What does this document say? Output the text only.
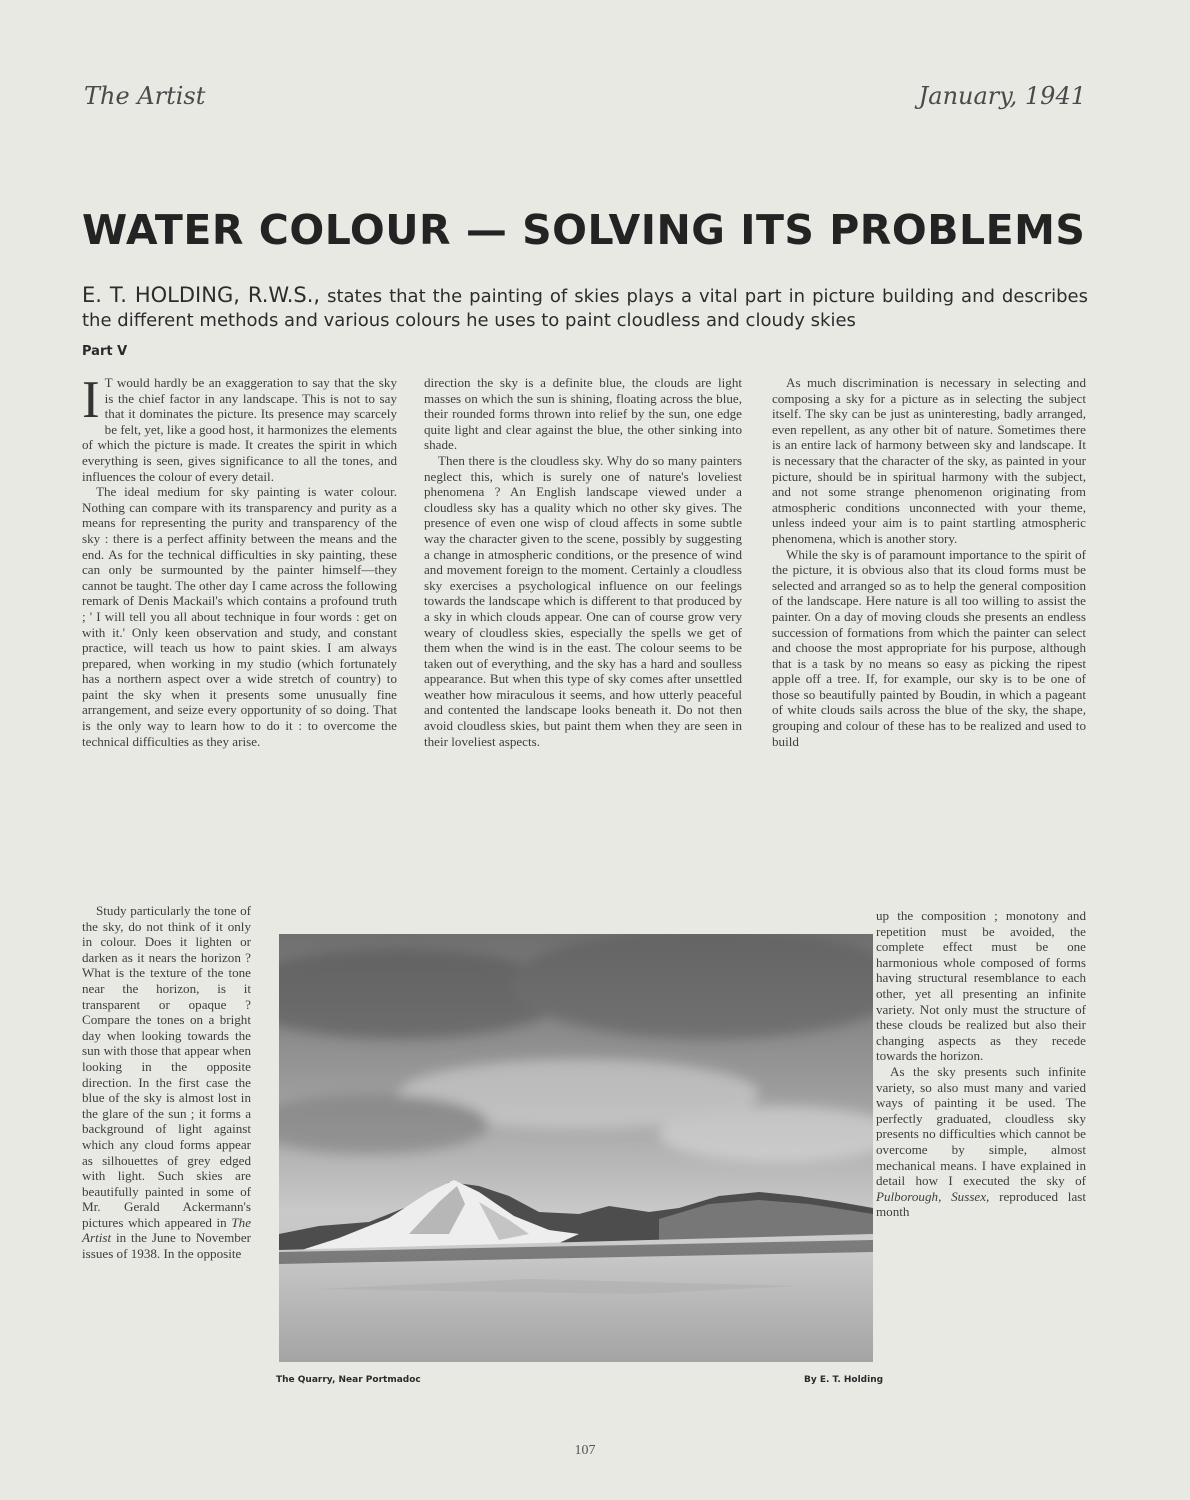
The Artist	January, 1941
WATER COLOUR — SOLVING ITS PROBLEMS
E. T. HOLDING, R.W.S., states that the painting of skies plays a vital part in picture building and describes the different methods and various colours he uses to paint cloudless and cloudy skies
Part V

I T would hardly be an exaggeration to say that the sky is the chief factor in any landscape. This is not to say that it dominates the picture. Its presence may scarcely be felt, yet, like a good host, it harmonizes the elements of which the picture is made. It creates the spirit in which everything is seen, gives significance to all the tones, and influences the colour of every detail.

The ideal medium for sky painting is water colour. Nothing can compare with its transparency and purity as a means for representing the purity and transparency of the sky : there is a perfect affinity between the means and the end. As for the technical difficulties in sky painting, these can only be surmounted by the painter himself—they cannot be taught. The other day I came across the following remark of Denis Mackail's which contains a profound truth ; ' I will tell you all about technique in four words : get on with it.' Only keen observation and study, and constant practice, will teach us how to paint skies. I am always prepared, when working in my studio (which fortunately has a northern aspect over a wide stretch of country) to paint the sky when it presents some unusually fine arrangement, and seize every opportunity of so doing. That is the only way to learn how to do it : to overcome the technical difficulties as they arise.

Study particularly the tone of the sky, do not think of it only in colour. Does it lighten or darken as it nears the horizon ? What is the texture of the tone near the horizon, is it transparent or opaque ? Compare the tones on a bright day when looking towards the sun with those that appear when looking in the opposite direction. In the first case the blue of the sky is almost lost in the glare of the sun ; it forms a background of light against which any cloud forms appear as silhouettes of grey edged with light. Such skies are beautifully painted in some of Mr. Gerald Ackermann's pictures which appeared in The Artist in the June to November issues of 1938. In the opposite

direction the sky is a definite blue, the clouds are light masses on which the sun is shining, floating across the blue, their rounded forms thrown into relief by the sun, one edge quite light and clear against the blue, the other sinking into shade.

Then there is the cloudless sky. Why do so many painters neglect this, which is surely one of nature's loveliest phenomena ? An English landscape viewed under a cloudless sky has a quality which no other sky gives. The presence of even one wisp of cloud affects in some subtle way the character given to the scene, possibly by suggesting a change in atmospheric conditions, or the presence of wind and movement foreign to the moment. Certainly a cloudless sky exercises a psychological influence on our feelings towards the landscape which is different to that produced by a sky in which clouds appear. One can of course grow very weary of cloudless skies, especially the spells we get of them when the wind is in the east. The colour seems to be taken out of everything, and the sky has a hard and soulless appearance. But when this type of sky comes after unsettled weather how miraculous it seems, and how utterly peaceful and contented the landscape looks beneath it. Do not then avoid cloudless skies, but paint them when they are seen in their loveliest aspects.

As much discrimination is necessary in selecting and composing a sky for a picture as in selecting the subject itself. The sky can be just as uninteresting, badly arranged, even repellent, as any other bit of nature. Sometimes there is an entire lack of harmony between sky and landscape. It is necessary that the character of the sky, as painted in your picture, should be in spiritual harmony with the subject, and not some strange phenomenon originating from atmospheric conditions unconnected with your theme, unless indeed your aim is to paint startling atmospheric phenomena, which is another story.

While the sky is of paramount importance to the spirit of the picture, it is obvious also that its cloud forms must be selected and arranged so as to help the general composition of the landscape. Here nature is all too willing to assist the painter. On a day of moving clouds she presents an endless succession of formations from which the painter can select and choose the most appropriate for his purpose, although that is a task by no means so easy as picking the ripest apple off a tree. If, for example, our sky is to be one of those so beautifully painted by Boudin, in which a pageant of white clouds sails across the blue of the sky, the shape, grouping and colour of these has to be realized and used to build

up the composition ; monotony and repetition must be avoided, the complete effect must be one harmonious whole composed of forms having structural resemblance to each other, yet all presenting an infinite variety. Not only must the structure of these clouds be realized but also their changing aspects as they recede towards the horizon.

As the sky presents such infinite variety, so also must many and varied ways of painting it be used. The perfectly graduated, cloudless sky presents no difficulties which cannot be overcome by simple, almost mechanical means. I have explained in detail how I executed the sky of Pulborough, Sussex, reproduced last month

The Quarry, Near Portmadoc	By E. T. Holding
107
